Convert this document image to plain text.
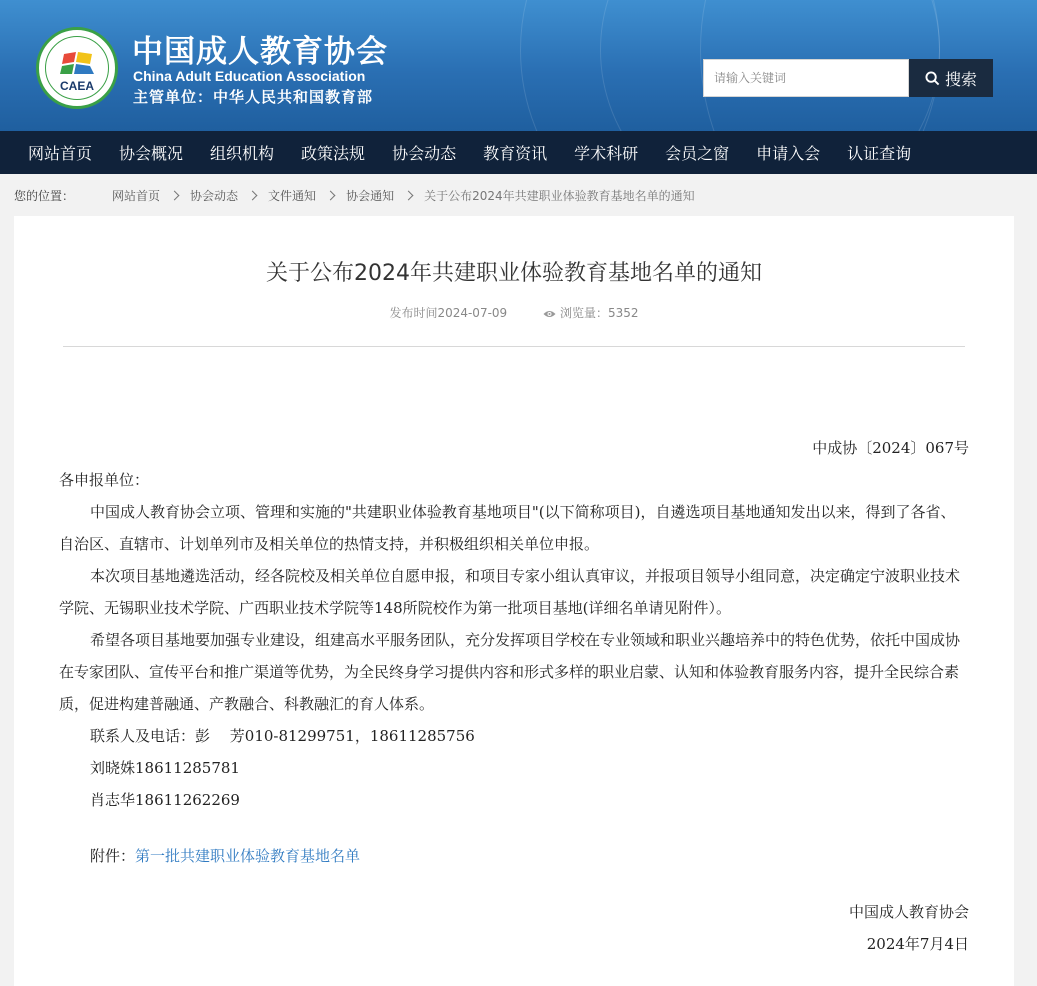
CAEA
中国成人教育协会
China Adult Education Association
主管单位：中华人民共和国教育部
请输入关键词
搜索
网站首页 协会概况 组织机构 政策法规 协会动态 教育资讯 学术科研 会员之窗 申请入会 认证查询
您的位置：	网站首页	协会动态	文件通知	协会通知	关于公布2024年共建职业体验教育基地名单的通知
关于公布2024年共建职业体验教育基地名单的通知
发布时间2024-07-09	浏览量：5352
中成协〔2024〕067号
各申报单位：
中国成人教育协会立项、管理和实施的"共建职业体验教育基地项目"(以下简称项目)，自遴选项目基地通知发出以来，得到了各省、自治区、直辖市、计划单列市及相关单位的热情支持，并积极组织相关单位申报。
本次项目基地遴选活动，经各院校及相关单位自愿申报，和项目专家小组认真审议，并报项目领导小组同意，决定确定宁波职业技术学院、无锡职业技术学院、广西职业技术学院等148所院校作为第一批项目基地(详细名单请见附件）。
希望各项目基地要加强专业建设，组建高水平服务团队，充分发挥项目学校在专业领域和职业兴趣培养中的特色优势，依托中国成协在专家团队、宣传平台和推广渠道等优势，为全民终身学习提供内容和形式多样的职业启蒙、认知和体验教育服务内容，提升全民综合素质，促进构建普融通、产教融合、科教融汇的育人体系。
联系人及电话：彭　 芳010-81299751，18611285756
刘晓姝18611285781
肖志华18611262269
附件：第一批共建职业体验教育基地名单
中国成人教育协会
2024年7月4日
